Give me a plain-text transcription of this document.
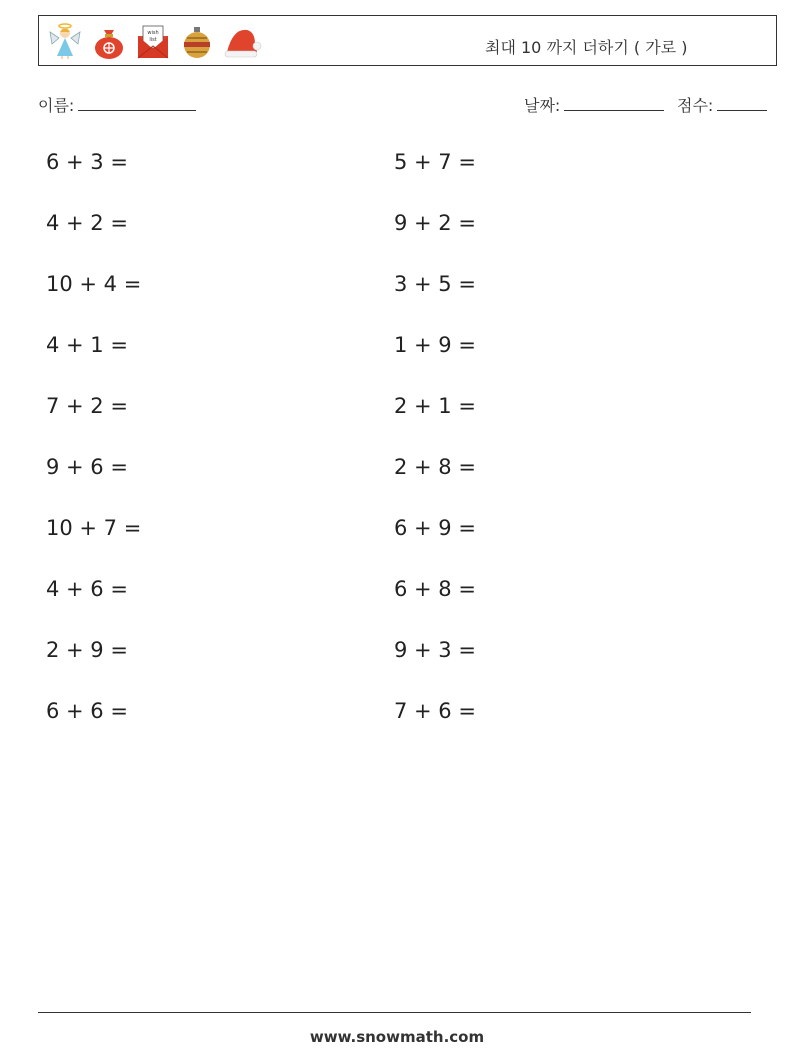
wish
list	최대 10 까지 더하기 ( 가로 )
이름:	날짜:	점수:
6 + 3 =
4 + 2 =
10 + 4 =
4 + 1 =
7 + 2 =
9 + 6 =
10 + 7 =
4 + 6 =
2 + 9 =
6 + 6 =
5 + 7 =
9 + 2 =
3 + 5 =
1 + 9 =
2 + 1 =
2 + 8 =
6 + 9 =
6 + 8 =
9 + 3 =
7 + 6 =
www.snowmath.com
